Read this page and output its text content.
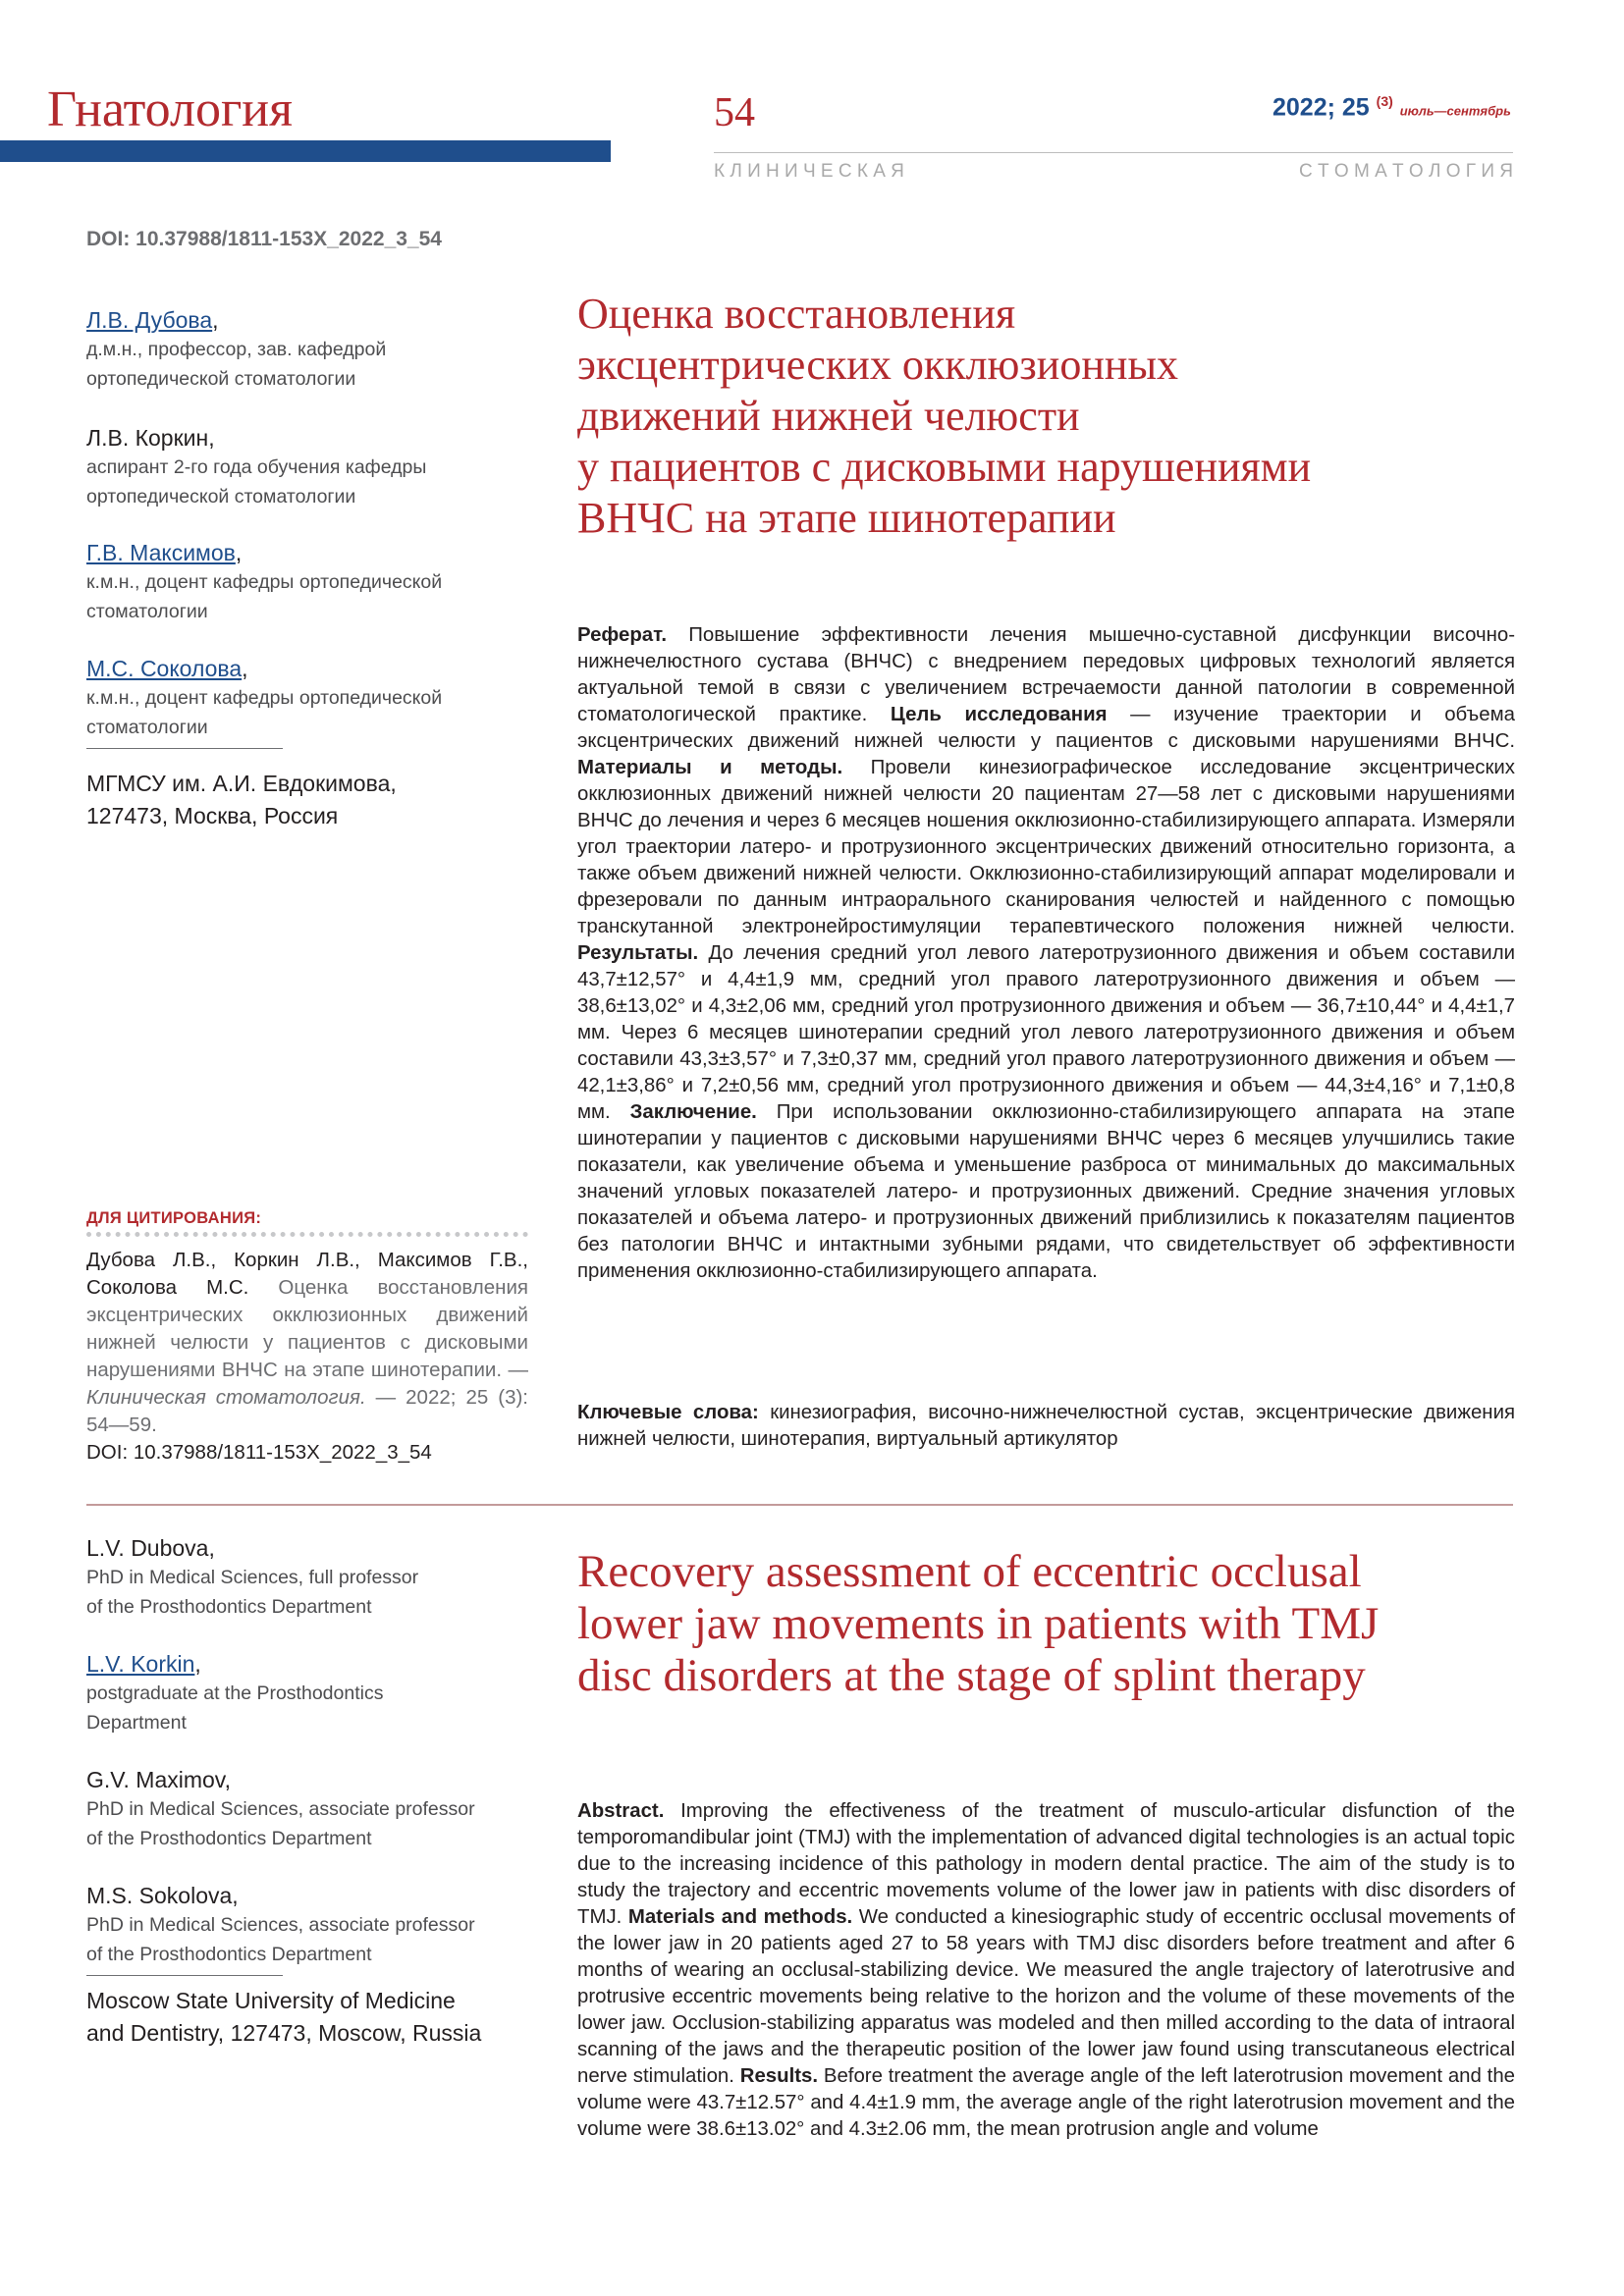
Гнатология	54	2022; 25 $^{(3)}$ июль—сентябрь
К Л И Н И Ч Е С К А Я	С Т О М А Т О Л О Г И Я
DOI: 10.37988/1811-153X_2022_3_54
Л.В. Дубова,
д.м.н., профессор, зав. кафедрой
ортопедической стоматологии
Л.В. Коркин,
аспирант 2-го года обучения кафедры
ортопедической стоматологии
Г.В. Максимов,
к.м.н., доцент кафедры ортопедической
стоматологии
М.С. Соколова,
к.м.н., доцент кафедры ортопедической
стоматологии
МГМСУ им. А.И. Евдокимова,
127473, Москва, Россия
Оценка восстановления
эксцентрических окклюзионных
движений нижней челюсти
у пациентов с дисковыми нарушениями
ВНЧС на этапе шинотерапии
Реферат. Повышение эффективности лечения мышечно-суставной дисфункции височно-нижнечелюстного сустава (ВНЧС) с внедрением передовых цифровых технологий является актуальной темой в связи с увеличением встречаемости данной патологии в современной стоматологической практике. Цель исследования — изучение траектории и объема эксцентрических движений нижней челюсти у пациентов с дисковыми нарушениями ВНЧС. Материалы и методы. Провели кинезиографическое исследование эксцентрических окклюзионных движений нижней челюсти 20 пациентам 27—58 лет с дисковыми нарушениями ВНЧС до лечения и через 6 месяцев ношения окклюзионно-стабилизирующего аппарата. Измеряли угол траектории латеро- и протрузионного эксцентрических движений относительно горизонта, а также объем движений нижней челюсти. Окклюзионно-стабилизирующий аппарат моделировали и фрезеровали по данным интраорального сканирования челюстей и найденного с помощью транскутанной электронейростимуляции терапевтического положения нижней челюсти. Результаты. До лечения средний угол левого латеротрузионного движения и объем составили 43,7±12,57° и 4,4±1,9 мм, средний угол правого латеротрузионного движения и объем — 38,6±13,02° и 4,3±2,06 мм, средний угол протрузионного движения и объем — 36,7±10,44° и 4,4±1,7 мм. Через 6 месяцев шинотерапии средний угол левого латеротрузионного движения и объем составили 43,3±3,57° и 7,3±0,37 мм, средний угол правого латеротрузионного движения и объем — 42,1±3,86° и 7,2±0,56 мм, средний угол протрузионного движения и объем — 44,3±4,16° и 7,1±0,8 мм. Заключение. При использовании окклюзионно-стабилизирующего аппарата на этапе шинотерапии у пациентов с дисковыми нарушениями ВНЧС через 6 месяцев улучшились такие показатели, как увеличение объема и уменьшение разброса от минимальных до максимальных значений угловых показателей латеро- и протрузионных движений. Средние значения угловых показателей и объема латеро- и протрузионных движений приблизились к показателям пациентов без патологии ВНЧС и интактными зубными рядами, что свидетельствует об эффективности применения окклюзионно-стабилизирующего аппарата.
Ключевые слова: кинезиография, височно-нижнечелюстной сустав, эксцентрические движения нижней челюсти, шинотерапия, виртуальный артикулятор
ДЛЯ ЦИТИРОВАНИЯ:
Дубова Л.В., Коркин Л.В., Максимов Г.В., Соколова М.С. Оценка восстановления эксцентрических окклюзионных движений нижней челюсти у пациентов с дисковыми нарушениями ВНЧС на этапе шинотерапии. — Клиническая стоматология. — 2022; 25 (3): 54—59.
DOI: 10.37988/1811-153X_2022_3_54
L.V. Dubova,
PhD in Medical Sciences, full professor
of the Prosthodontics Department
L.V. Korkin,
postgraduate at the Prosthodontics
Department
G.V. Maximov,
PhD in Medical Sciences, associate professor
of the Prosthodontics Department
M.S. Sokolova,
PhD in Medical Sciences, associate professor
of the Prosthodontics Department
Moscow State University of Medicine
and Dentistry, 127473, Moscow, Russia
Recovery assessment of eccentric occlusal
lower jaw movements in patients with TMJ
disc disorders at the stage of splint therapy
Abstract. Improving the effectiveness of the treatment of musculo-articular disfunction of the temporomandibular joint (TMJ) with the implementation of advanced digital technologies is an actual topic due to the increasing incidence of this pathology in modern dental practice. The aim of the study is to study the trajectory and eccentric movements volume of the lower jaw in patients with disc disorders of TMJ. Materials and methods. We conducted a kinesiographic study of eccentric occlusal movements of the lower jaw in 20 patients aged 27 to 58 years with TMJ disc disorders before treatment and after 6 months of wearing an occlusal-stabilizing device. We measured the angle trajectory of laterotrusive and protrusive eccentric movements being relative to the horizon and the volume of these movements of the lower jaw. Occlusion-stabilizing apparatus was modeled and then milled according to the data of intraoral scanning of the jaws and the therapeutic position of the lower jaw found using transcutaneous electrical nerve stimulation. Results. Before treatment the average angle of the left laterotrusion movement and the volume were 43.7±12.57° and 4.4±1.9 mm, the average angle of the right laterotrusion movement and the volume were 38.6±13.02° and 4.3±2.06 mm, the mean protrusion angle and volume
